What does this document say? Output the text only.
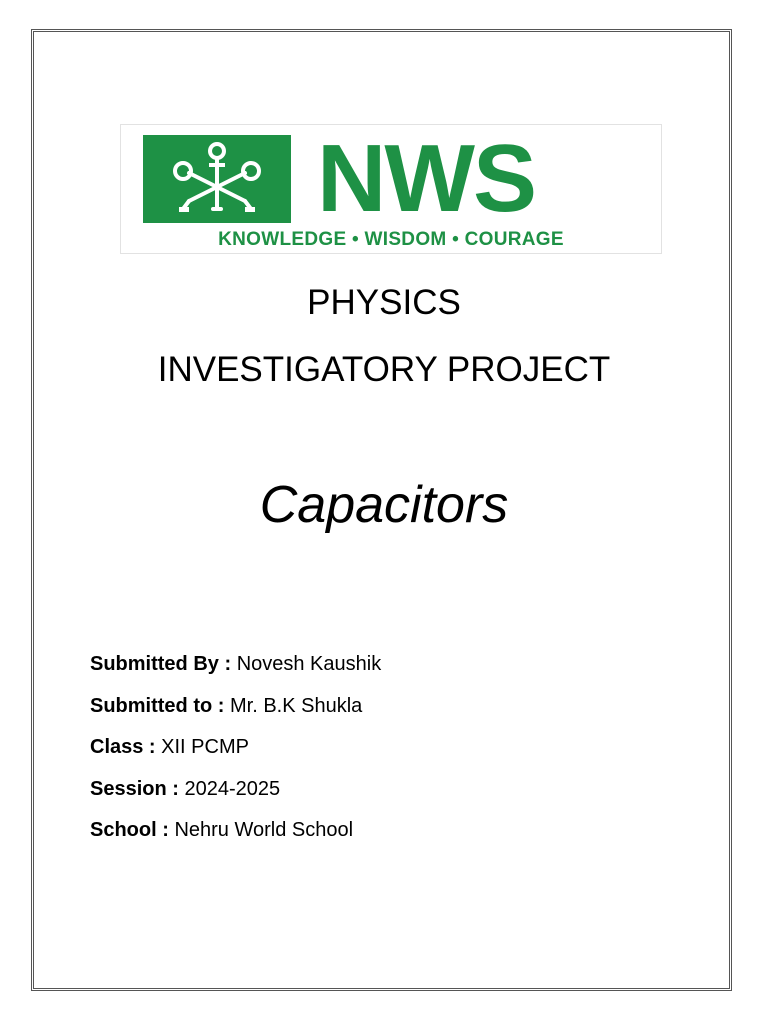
NWS
KNOWLEDGE • WISDOM • COURAGE
PHYSICS
INVESTIGATORY PROJECT
Capacitors
Submitted By : Novesh Kaushik
Submitted to : Mr. B.K Shukla
Class : XII PCMP
Session : 2024-2025
School : Nehru World School
